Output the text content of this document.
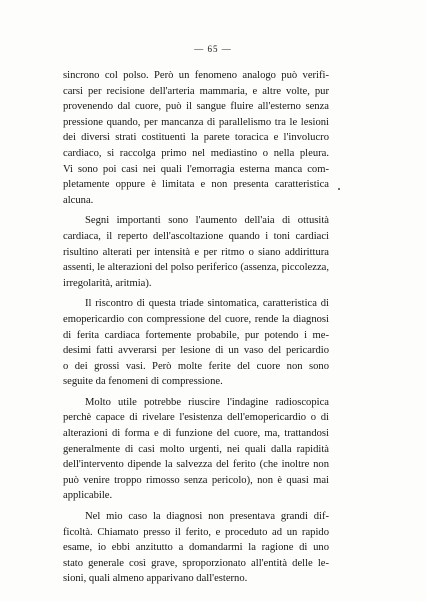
— 65 —
sincrono col polso. Però un fenomeno analogo può verifi-
carsi per recisione dell'arteria mammaria, e altre volte, pur
provenendo dal cuore, può il sangue fluire all'esterno senza
pressione quando, per mancanza di parallelismo tra le lesioni
dei diversi strati costituenti la parete toracica e l'involucro
cardiaco, si raccolga primo nel mediastino o nella pleura.
Vi sono poi casi nei quali l'emorragia esterna manca com-
pletamente oppure è limitata e non presenta caratteristica
alcuna.
Segni importanti sono l'aumento dell'aia di ottusità
cardiaca, il reperto dell'ascoltazione quando i toni cardiaci
risultino alterati per intensità e per ritmo o siano addirittura
assenti, le alterazioni del polso periferico (assenza, piccolezza,
irregolarità, aritmia).
Il riscontro di questa triade sintomatica, caratteristica di
emopericardio con compressione del cuore, rende la diagnosi
di ferita cardiaca fortemente probabile, pur potendo i me-
desimi fatti avverarsi per lesione di un vaso del pericardio
o dei grossi vasi. Però molte ferite del cuore non sono
seguite da fenomeni di compressione.
Molto utile potrebbe riuscire l'indagine radioscopica
perchè capace di rivelare l'esistenza dell'emopericardio o di
alterazioni di forma e di funzione del cuore, ma, trattandosi
generalmente di casi molto urgenti, nei quali dalla rapidità
dell'intervento dipende la salvezza del ferito (che inoltre non
può venire troppo rimosso senza pericolo), non è quasi mai
applicabile.
Nel mio caso la diagnosi non presentava grandi dif-
ficoltà. Chiamato presso il ferito, e proceduto ad un rapido
esame, io ebbi anzitutto a domandarmi la ragione di uno
stato generale così grave, sproporzionato all'entità delle le-
sioni, quali almeno apparivano dall'esterno.
